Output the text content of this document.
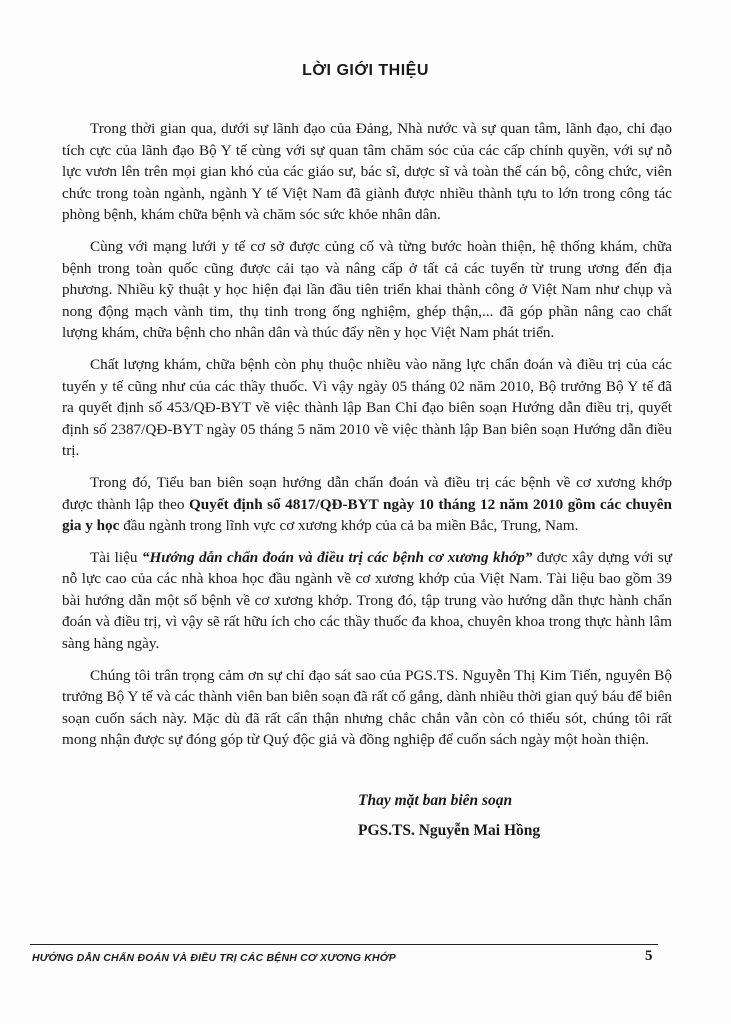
LỜI GIỚI THIỆU

Trong thời gian qua, dưới sự lãnh đạo của Đảng, Nhà nước và sự quan tâm, lãnh đạo, chỉ đạo tích cực của lãnh đạo Bộ Y tế cùng với sự quan tâm chăm sóc của các cấp chính quyền, với sự nỗ lực vươn lên trên mọi gian khó của các giáo sư, bác sĩ, dược sĩ và toàn thể cán bộ, công chức, viên chức trong toàn ngành, ngành Y tế Việt Nam đã giành được nhiều thành tựu to lớn trong công tác phòng bệnh, khám chữa bệnh và chăm sóc sức khỏe nhân dân.

Cùng với mạng lưới y tế cơ sở được củng cố và từng bước hoàn thiện, hệ thống khám, chữa bệnh trong toàn quốc cũng được cải tạo và nâng cấp ở tất cả các tuyến từ trung ương đến địa phương. Nhiều kỹ thuật y học hiện đại lần đầu tiên triển khai thành công ở Việt Nam như chụp và nong động mạch vành tim, thụ tinh trong ống nghiệm, ghép thận,... đã góp phần nâng cao chất lượng khám, chữa bệnh cho nhân dân và thúc đẩy nền y học Việt Nam phát triển.

Chất lượng khám, chữa bệnh còn phụ thuộc nhiều vào năng lực chẩn đoán và điều trị của các tuyến y tế cũng như của các thầy thuốc. Vì vậy ngày 05 tháng 02 năm 2010, Bộ trưởng Bộ Y tế đã ra quyết định số 453/QĐ-BYT về việc thành lập Ban Chỉ đạo biên soạn Hướng dẫn điều trị, quyết định số 2387/QĐ-BYT ngày 05 tháng 5 năm 2010 về việc thành lập Ban biên soạn Hướng dẫn điều trị.

Trong đó, Tiểu ban biên soạn hướng dẫn chẩn đoán và điều trị các bệnh về cơ xương khớp được thành lập theo Quyết định số 4817/QĐ-BYT ngày 10 tháng 12 năm 2010 gồm các chuyên gia y học đầu ngành trong lĩnh vực cơ xương khớp của cả ba miền Bắc, Trung, Nam.

Tài liệu “Hướng dẫn chẩn đoán và điều trị các bệnh cơ xương khớp” được xây dựng với sự nỗ lực cao của các nhà khoa học đầu ngành về cơ xương khớp của Việt Nam. Tài liệu bao gồm 39 bài hướng dẫn một số bệnh về cơ xương khớp. Trong đó, tập trung vào hướng dẫn thực hành chẩn đoán và điều trị, vì vậy sẽ rất hữu ích cho các thầy thuốc đa khoa, chuyên khoa trong thực hành lâm sàng hàng ngày.

Chúng tôi trân trọng cảm ơn sự chỉ đạo sát sao của PGS.TS. Nguyễn Thị Kim Tiến, nguyên Bộ trưởng Bộ Y tế và các thành viên ban biên soạn đã rất cố gắng, dành nhiều thời gian quý báu để biên soạn cuốn sách này. Mặc dù đã rất cẩn thận nhưng chắc chắn vẫn còn có thiếu sót, chúng tôi rất mong nhận được sự đóng góp từ Quý độc giả và đồng nghiệp để cuốn sách ngày một hoàn thiện.

Thay mặt ban biên soạn
PGS.TS. Nguyễn Mai Hồng
HƯỚNG DẪN CHẨN ĐOÁN VÀ ĐIỀU TRỊ CÁC BỆNH CƠ XƯƠNG KHỚP	5
